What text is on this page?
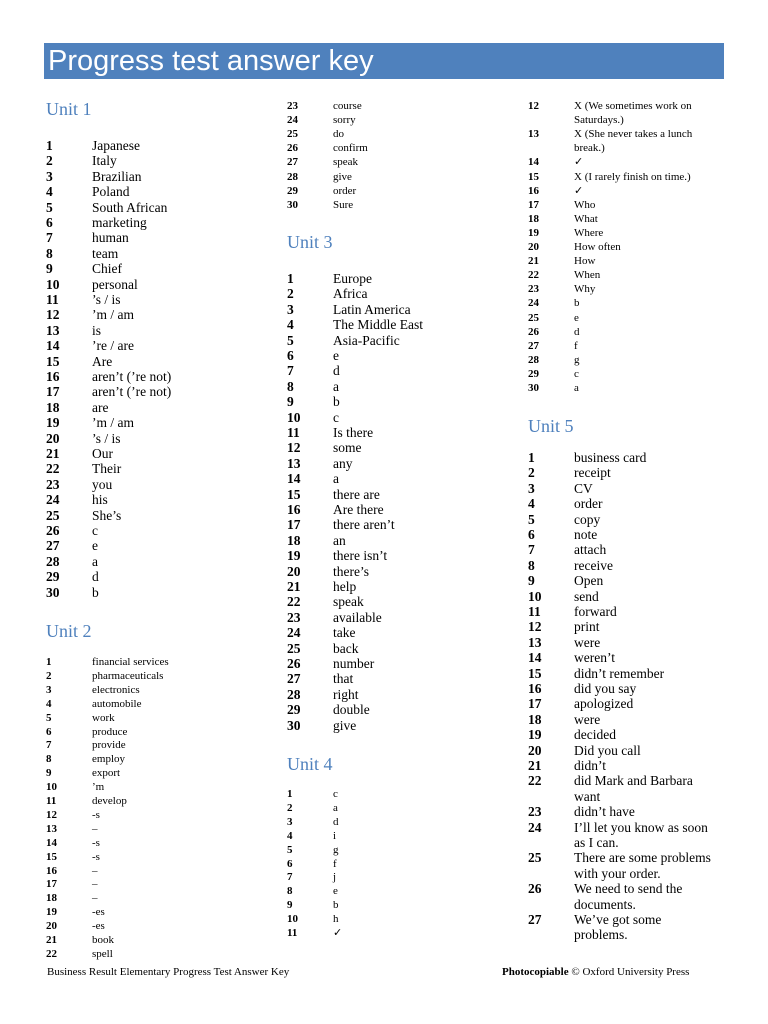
Progress test answer key
Unit 1
1	Japanese
2	Italy
3	Brazilian
4	Poland
5	South African
6	marketing
7	human
8	team
9	Chief
10 personal
11 ’s / is
12 ’m / am
13 is
14 ’re / are
15 Are
16 aren’t (’re not)
17 aren’t (’re not)
18 are
19 ’m / am
20 ’s / is
21 Our
22 Their
23 you
24 his
25 She’s
26 c
27 e
28 a
29 d
30 b
Unit 2
1	financial services
2	pharmaceuticals
3	electronics
4	automobile
5	work
6	produce
7	provide
8	employ
9	export
10	’m
11	develop
12	-s
13	–
14	-s
15	-s
16	–
17	–
18	–
19	-es
20	-es
21	book
22	spell
23	course
24	sorry
25	do
26	confirm
27	speak
28	give
29	order
30	Sure
Unit 3
1	Europe
2	Africa
3	Latin America
4	The Middle East
5	Asia-Pacific
6	e
7	d
8	a
9	b
10 c
11 Is there
12 some
13 any
14 a
15 there are
16 Are there
17 there aren’t
18 an
19 there isn’t
20 there’s
21 help
22 speak
23 available
24 take
25 back
26 number
27 that
28 right
29 double
30 give
Unit 4
1	c
2	a
3	d
4	i
5	g
6	f
7	j
8	e
9	b
10	h
11	✓
12	X (We sometimes work on
Saturdays.)
13	X (She never takes a lunch
break.)
14	✓
15	X (I rarely finish on time.)
16	✓
17	Who
18	What
19	Where
20	How often
21	How
22	When
23	Why
24	b
25	e
26	d
27	f
28	g
29	c
30	a
Unit 5
1	business card
2	receipt
3	CV
4	order
5	copy
6	note
7	attach
8	receive
9	Open
10 send
11 forward
12 print
13 were
14 weren’t
15 didn’t remember
16 did you say
17 apologized
18 were
19 decided
20 Did you call
21 didn’t
22 did Mark and Barbara
want
23 didn’t have
24 I’ll let you know as soon
as I can.
25 There are some problems
with your order.
26 We need to send the
documents.
27 We’ve got some
problems.
Business Result Elementary Progress Test Answer Key	Photocopiable © Oxford University Press
